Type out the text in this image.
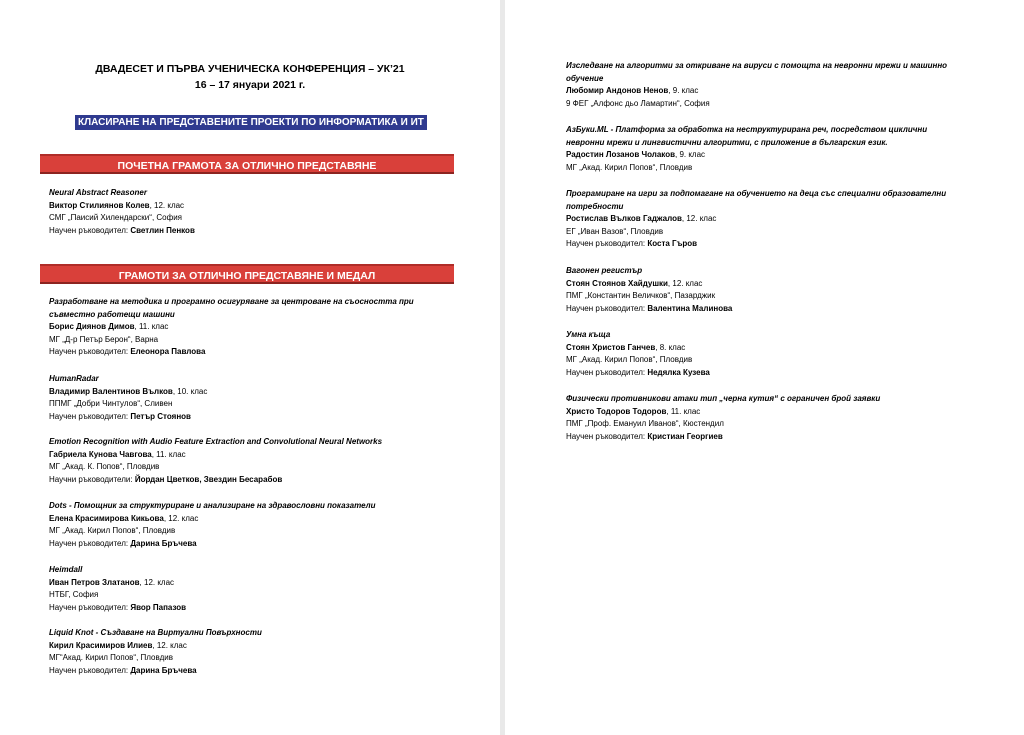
ДВАДЕСЕТ И ПЪРВА УЧЕНИЧЕСКА КОНФЕРЕНЦИЯ – УК’21
16 – 17 януари 2021 г.
КЛАСИРАНЕ НА ПРЕДСТАВЕНИТЕ ПРОЕКТИ ПО ИНФОРМАТИКА И ИТ
ПОЧЕТНА ГРАМОТА ЗА ОТЛИЧНО ПРЕДСТАВЯНЕ
Neural Abstract Reasoner
Виктор Стилиянов Колев, 12. клас
СМГ „Паисий Хилендарски“, София
Научен ръководител: Светлин Пенков
ГРАМОТИ ЗА ОТЛИЧНО ПРЕДСТАВЯНЕ И МЕДАЛ
Разработване на методика и програмно осигуряване за центроване на съосността при
съвместно работещи машини
Борис Диянов Димов, 11. клас
МГ „Д-р Петър Берон“, Варна
Научен ръководител: Елеонора Павлова
HumanRadar
Владимир Валентинов Вълков, 10. клас
ППМГ „Добри Чинтулов“, Сливен
Научен ръководител: Петър Стоянов
Emotion Recognition with Audio Feature Extraction and Convolutional Neural Networks
Габриела Кунова Чавгова, 11. клас
МГ „Акад. К. Попов“, Пловдив
Научни ръководители: Йордан Цветков, Звездин Бесарабов
Dots - Помощник за структуриране и анализиране на здравословни показатели
Елена Красимирова Кикьова, 12. клас
МГ „Акад. Кирил Попов“, Пловдив
Научен ръководител: Дарина Бръчева
Heimdall
Иван Петров Златанов, 12. клас
НТБГ, София
Научен ръководител: Явор Папазов
Liquid Knot - Създаване на Виртуални Повърхности
Кирил Красимиров Илиев, 12. клас
МГ“Акад. Кирил Попов“, Пловдив
Научен ръководител: Дарина Бръчева
Изследване на алгоритми за откриване на вируси с помощта на невронни мрежи и машинно
обучение
Любомир Андонов Ненов, 9. клас
9 ФЕГ „Алфонс дьо Ламартин“, София
АзБуки.ML - Платформа за обработка на неструктурирана реч, посредством циклични
невронни мрежи и лингвистични алгоритми, с приложение в българския език.
Радостин Лозанов Чолаков, 9. клас
МГ „Акад. Кирил Попов“, Пловдив
Програмиране на игри за подпомагане на обучението на деца със специални образователни
потребности
Ростислав Вълков Гаджалов, 12. клас
ЕГ „Иван Вазов“, Пловдив
Научен ръководител: Коста Гъров
Вагонен регистър
Стоян Стоянов Хайдушки, 12. клас
ПМГ „Константин Величков“, Пазарджик
Научен ръководител: Валентина Малинова
Умна къща
Стоян Христов Ганчев, 8. клас
МГ „Акад. Кирил Попов“, Пловдив
Научен ръководител: Недялка Кузева
Физически противникови атаки тип „черна кутия“ с ограничен брой заявки
Христо Тодоров Тодоров, 11. клас
ПМГ „Проф. Емануил Иванов“, Кюстендил
Научен ръководител: Кристиан Георгиев
